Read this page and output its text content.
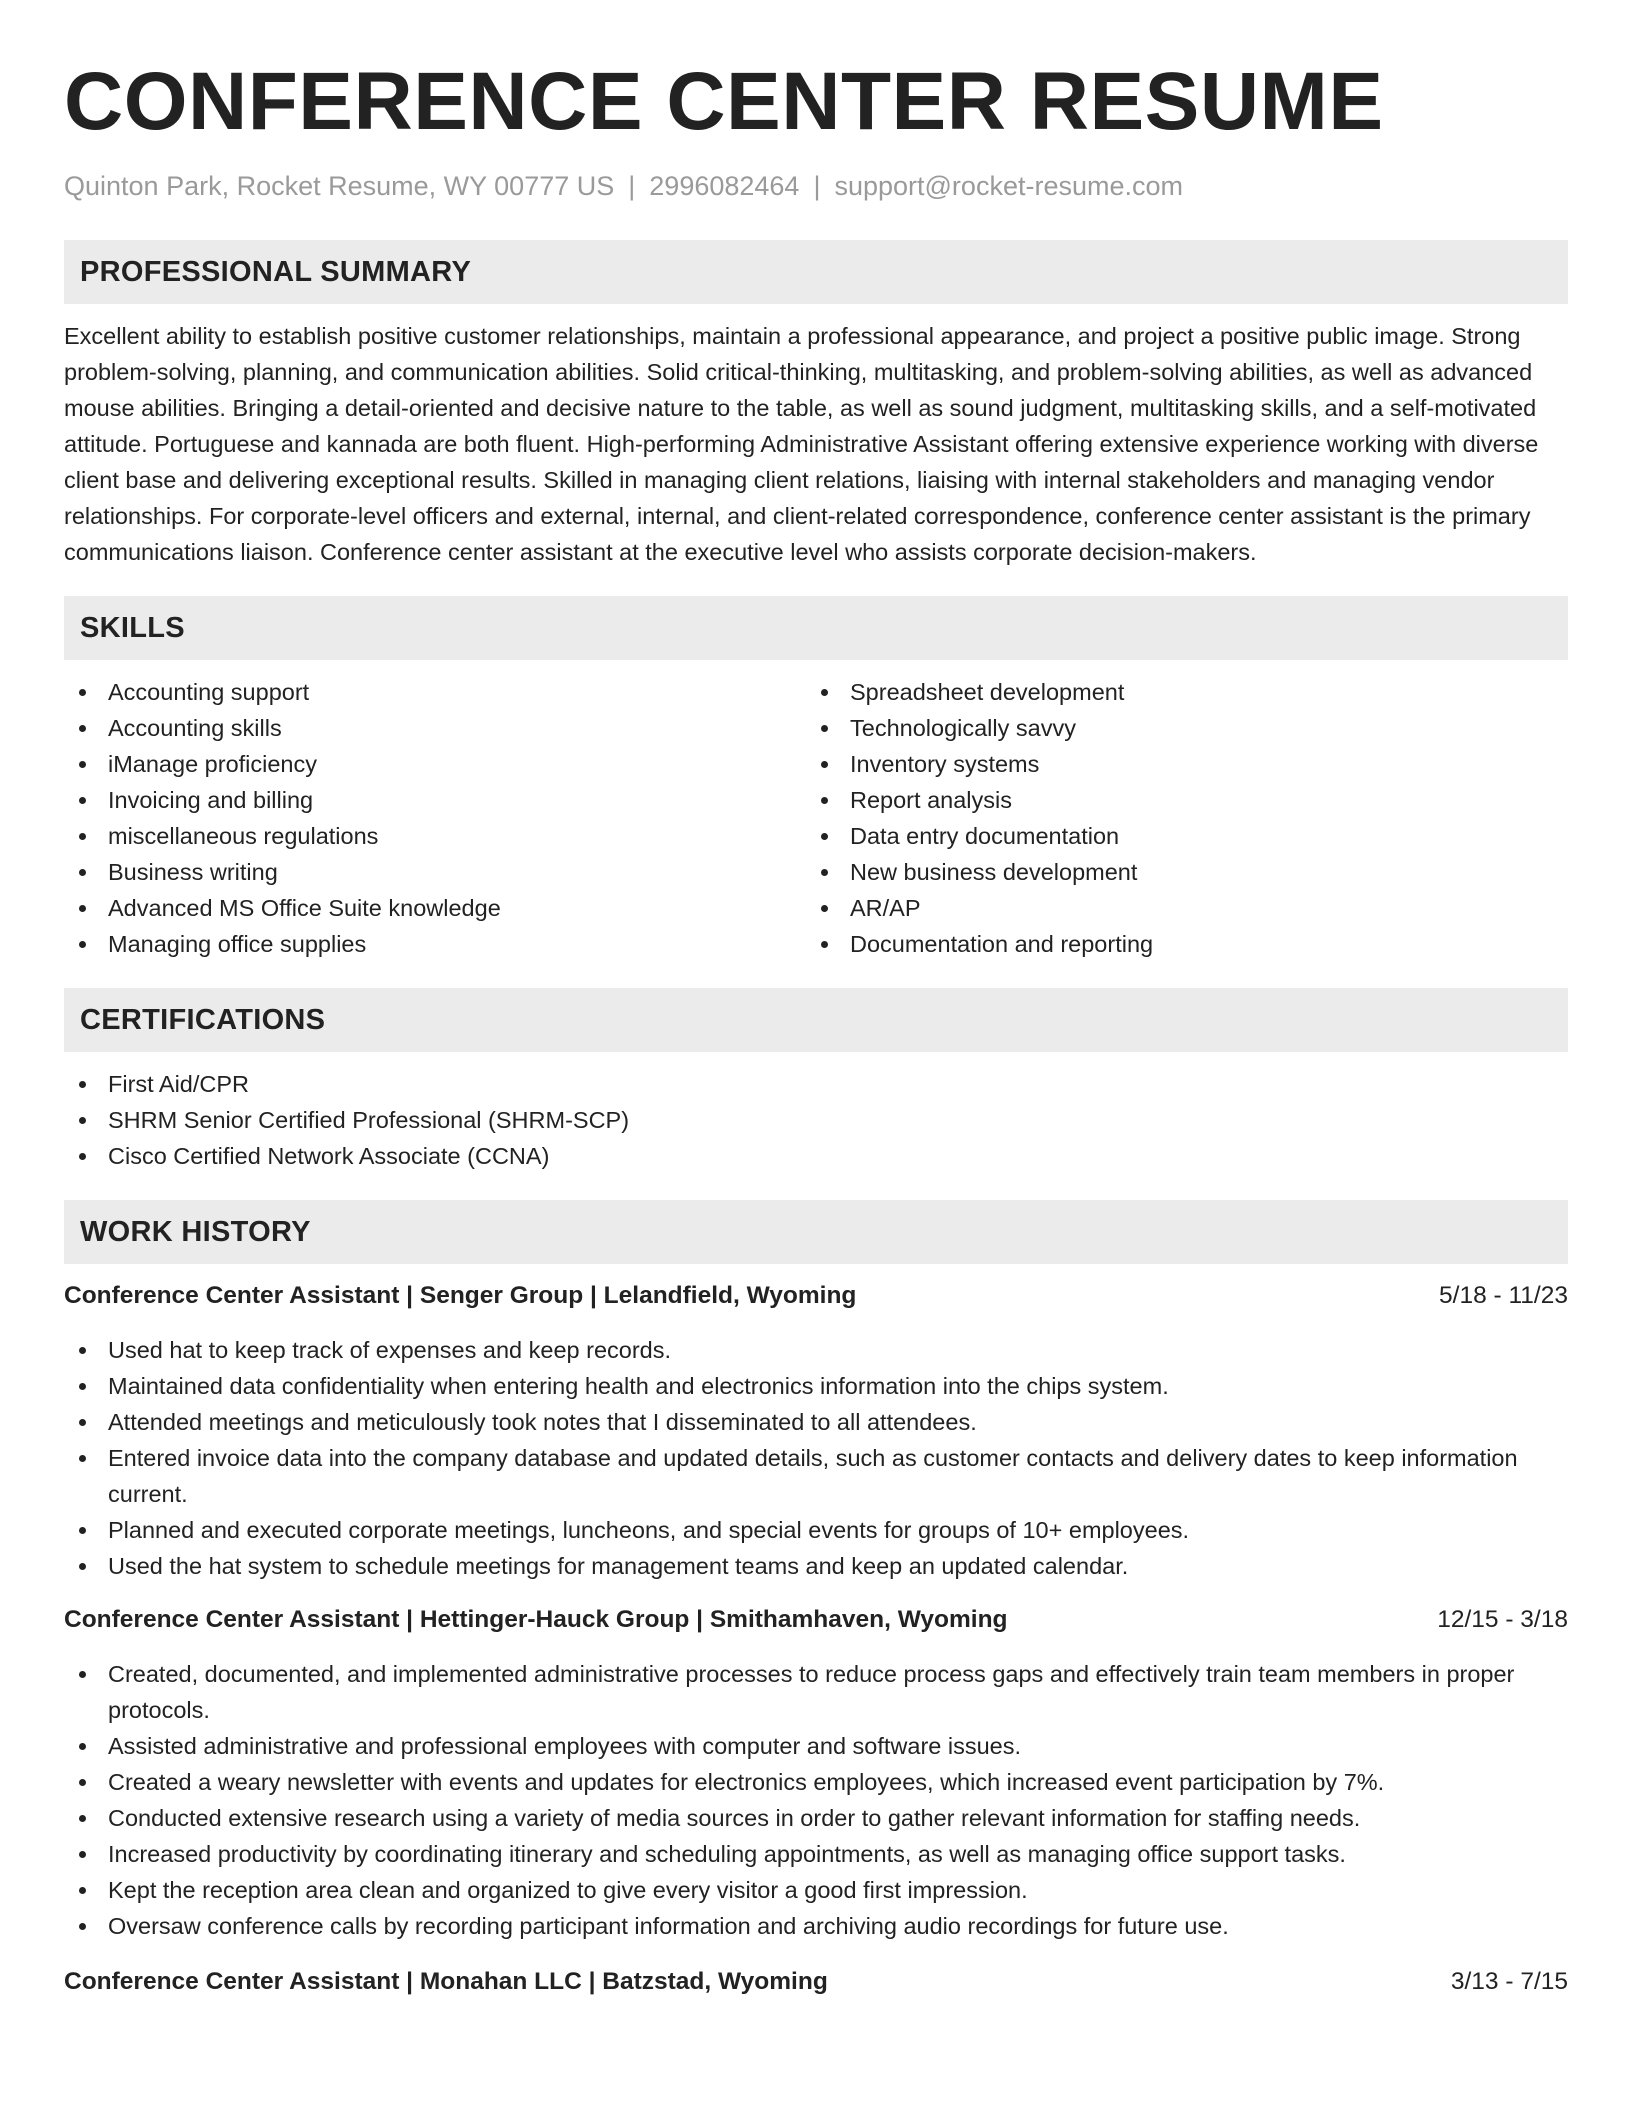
CONFERENCE CENTER RESUME
Quinton Park, Rocket Resume, WY 00777 US | 2996082464 | support@rocket-resume.com
PROFESSIONAL SUMMARY

Excellent ability to establish positive customer relationships, maintain a professional appearance, and project a positive public image. Strong problem-solving, planning, and communication abilities. Solid critical-thinking, multitasking, and problem-solving abilities, as well as advanced mouse abilities. Bringing a detail-oriented and decisive nature to the table, as well as sound judgment, multitasking skills, and a self-motivated attitude. Portuguese and kannada are both fluent. High-performing Administrative Assistant offering extensive experience working with diverse client base and delivering exceptional results. Skilled in managing client relations, liaising with internal stakeholders and managing vendor relationships. For corporate-level officers and external, internal, and client-related correspondence, conference center assistant is the primary communications liaison. Conference center assistant at the executive level who assists corporate decision-makers.

SKILLS
Accounting support
Accounting skills
iManage proficiency
Invoicing and billing
miscellaneous regulations
Business writing
Advanced MS Office Suite knowledge
Managing office supplies
Spreadsheet development
Technologically savvy
Inventory systems
Report analysis
Data entry documentation
New business development
AR/AP
Documentation and reporting
CERTIFICATIONS
First Aid/CPR
SHRM Senior Certified Professional (SHRM-SCP)
Cisco Certified Network Associate (CCNA)
WORK HISTORY
Conference Center Assistant | Senger Group | Lelandfield, Wyoming	5/18 - 11/23
Used hat to keep track of expenses and keep records.
Maintained data confidentiality when entering health and electronics information into the chips system.
Attended meetings and meticulously took notes that I disseminated to all attendees.
Entered invoice data into the company database and updated details, such as customer contacts and delivery dates to keep information current.
Planned and executed corporate meetings, luncheons, and special events for groups of 10+ employees.
Used the hat system to schedule meetings for management teams and keep an updated calendar.
Conference Center Assistant | Hettinger-Hauck Group | Smithamhaven, Wyoming	12/15 - 3/18
Created, documented, and implemented administrative processes to reduce process gaps and effectively train team members in proper protocols.
Assisted administrative and professional employees with computer and software issues.
Created a weary newsletter with events and updates for electronics employees, which increased event participation by 7%.
Conducted extensive research using a variety of media sources in order to gather relevant information for staffing needs.
Increased productivity by coordinating itinerary and scheduling appointments, as well as managing office support tasks.
Kept the reception area clean and organized to give every visitor a good first impression.
Oversaw conference calls by recording participant information and archiving audio recordings for future use.
Conference Center Assistant | Monahan LLC | Batzstad, Wyoming	3/13 - 7/15
